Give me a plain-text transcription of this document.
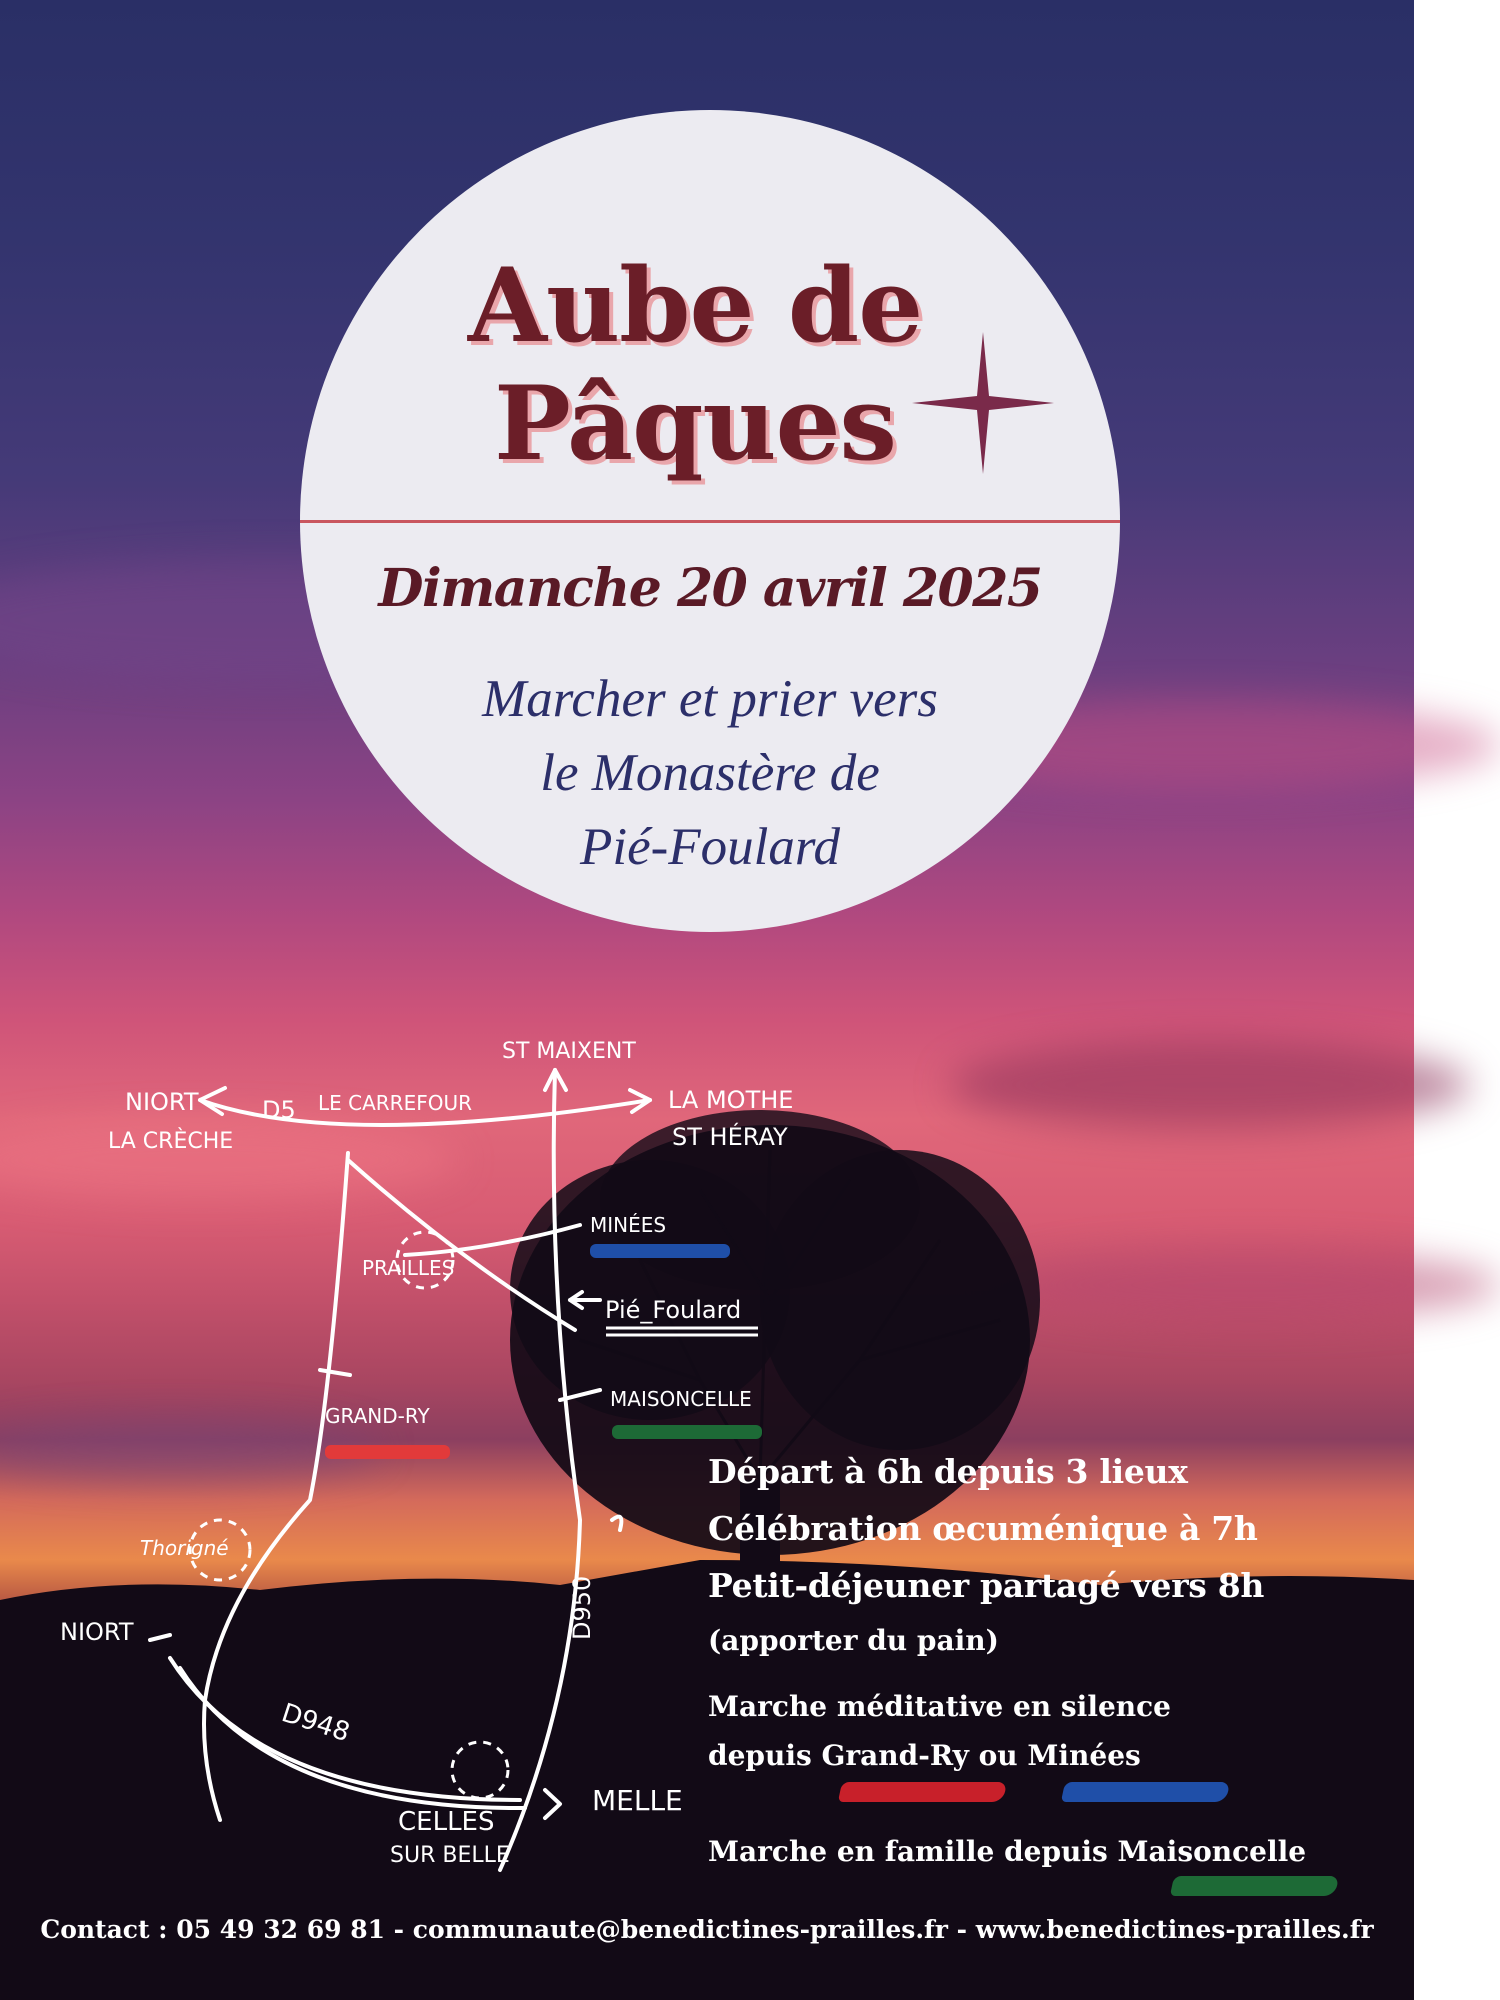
Aube de
Pâques
Dimanche 20 avril 2025
Marcher et prier vers
le Monastère de
Pié-Foulard
ST MAIXENT
NIORT
LA CRÈCHE
D5 LE CARREFOUR	LA MOTHE
ST HÉRAY
MINÉES
PRAILLES
Pié_Foulard
MAISONCELLE
GRAND-RY
Thorigné
NIORT
D948
D950
MELLE
CELLES
SUR BELLE
Départ à 6h depuis 3 lieux
Célébration œcuménique à 7h
Petit-déjeuner partagé vers 8h
(apporter du pain)
Marche méditative en silence
depuis Grand-Ry ou Minées
Marche en famille depuis Maisoncelle
Contact : 05 49 32 69 81 - communaute@benedictines-prailles.fr - www.benedictines-prailles.fr
